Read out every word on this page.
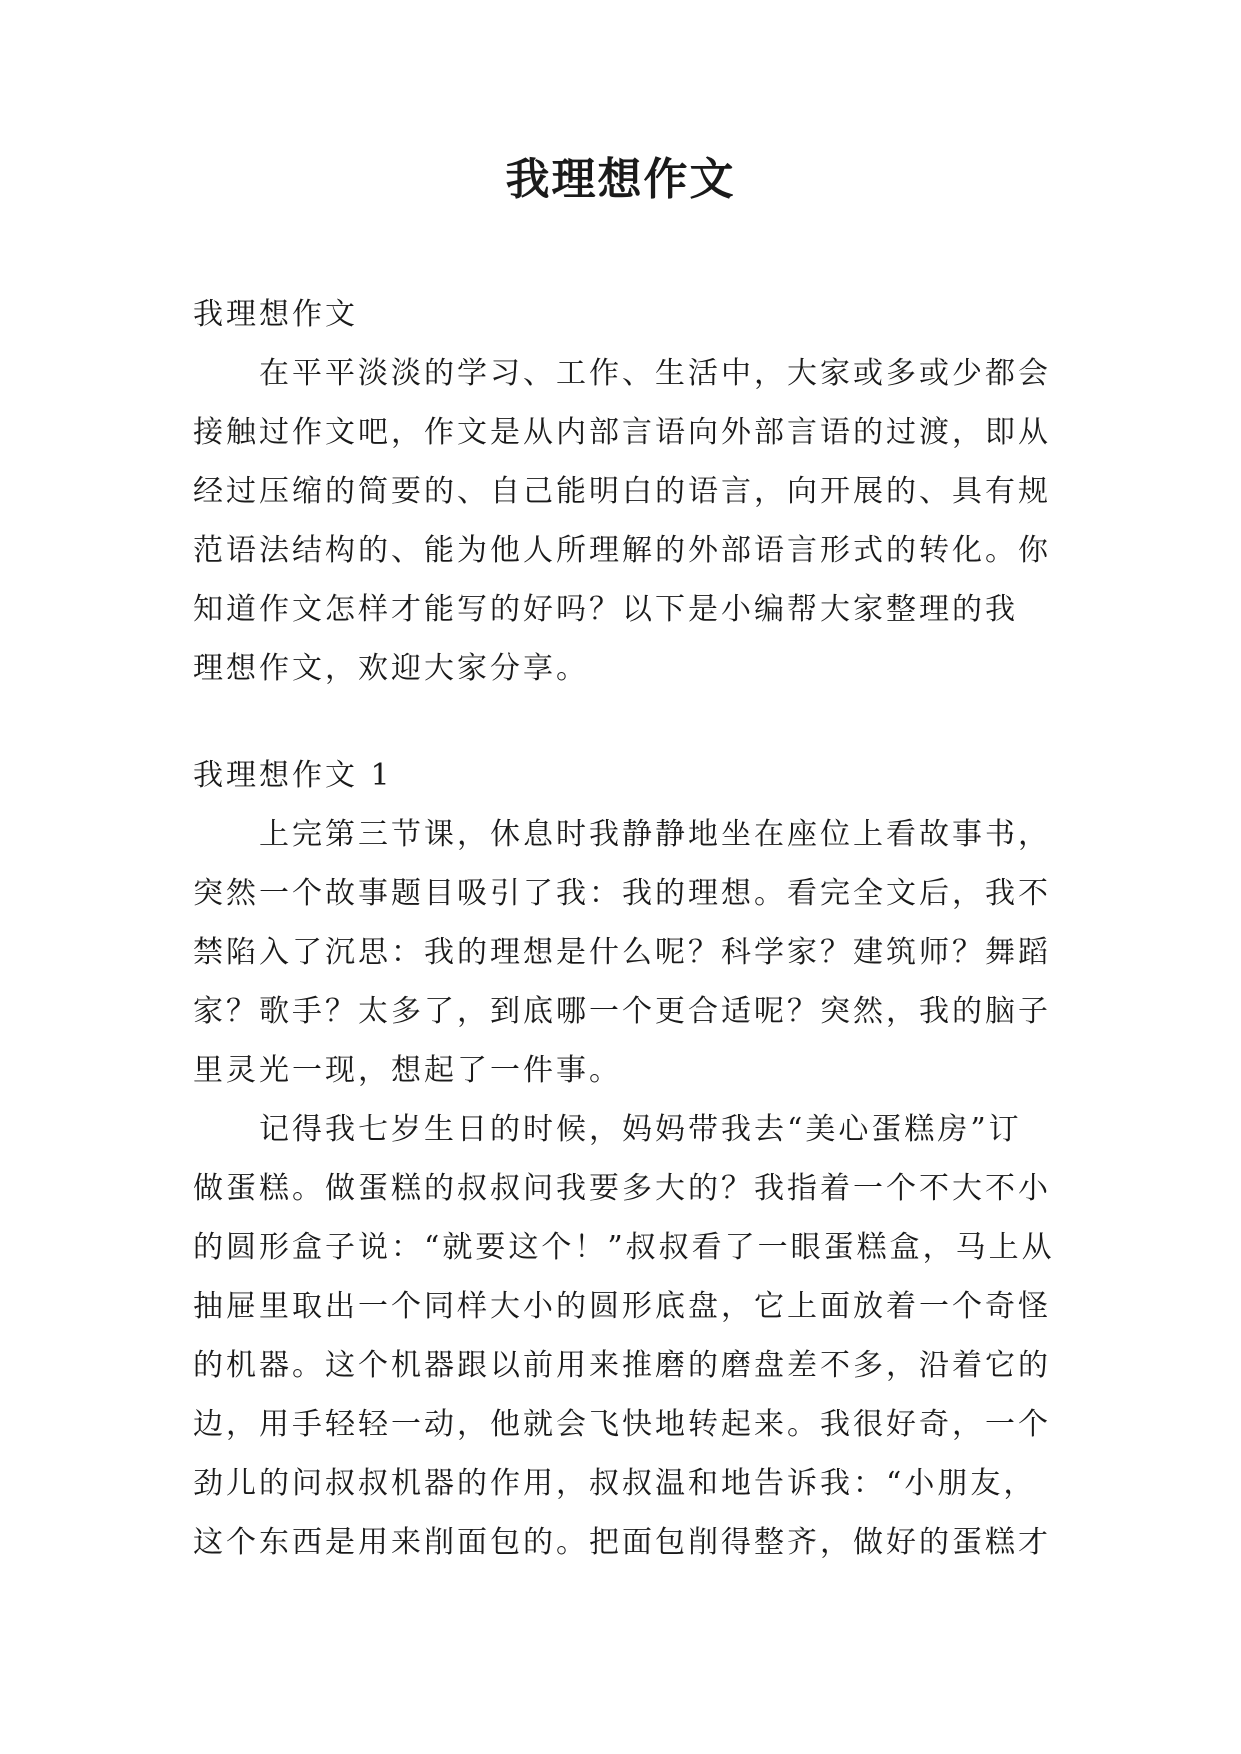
我理想作文

我理想作文

在平平淡淡的学习、工作、生活中，大家或多或少都会

接触过作文吧，作文是从内部言语向外部言语的过渡，即从

经过压缩的简要的、自己能明白的语言，向开展的、具有规

范语法结构的、能为他人所理解的外部语言形式的转化。你

知道作文怎样才能写的好吗？以下是小编帮大家整理的我

理想作文，欢迎大家分享。

我理想作文 1

上完第三节课，休息时我静静地坐在座位上看故事书，

突然一个故事题目吸引了我：我的理想。看完全文后，我不

禁陷入了沉思：我的理想是什么呢？科学家？建筑师？舞蹈

家？歌手？太多了，到底哪一个更合适呢？突然，我的脑子

里灵光一现，想起了一件事。

记得我七岁生日的时候，妈妈带我去“美心蛋糕房”订

做蛋糕。做蛋糕的叔叔问我要多大的？我指着一个不大不小

的圆形盒子说：“就要这个！”叔叔看了一眼蛋糕盒，马上从

抽屉里取出一个同样大小的圆形底盘，它上面放着一个奇怪

的机器。这个机器跟以前用来推磨的磨盘差不多，沿着它的

边，用手轻轻一动，他就会飞快地转起来。我很好奇，一个

劲儿的问叔叔机器的作用，叔叔温和地告诉我：“小朋友，

这个东西是用来削面包的。把面包削得整齐，做好的蛋糕才
